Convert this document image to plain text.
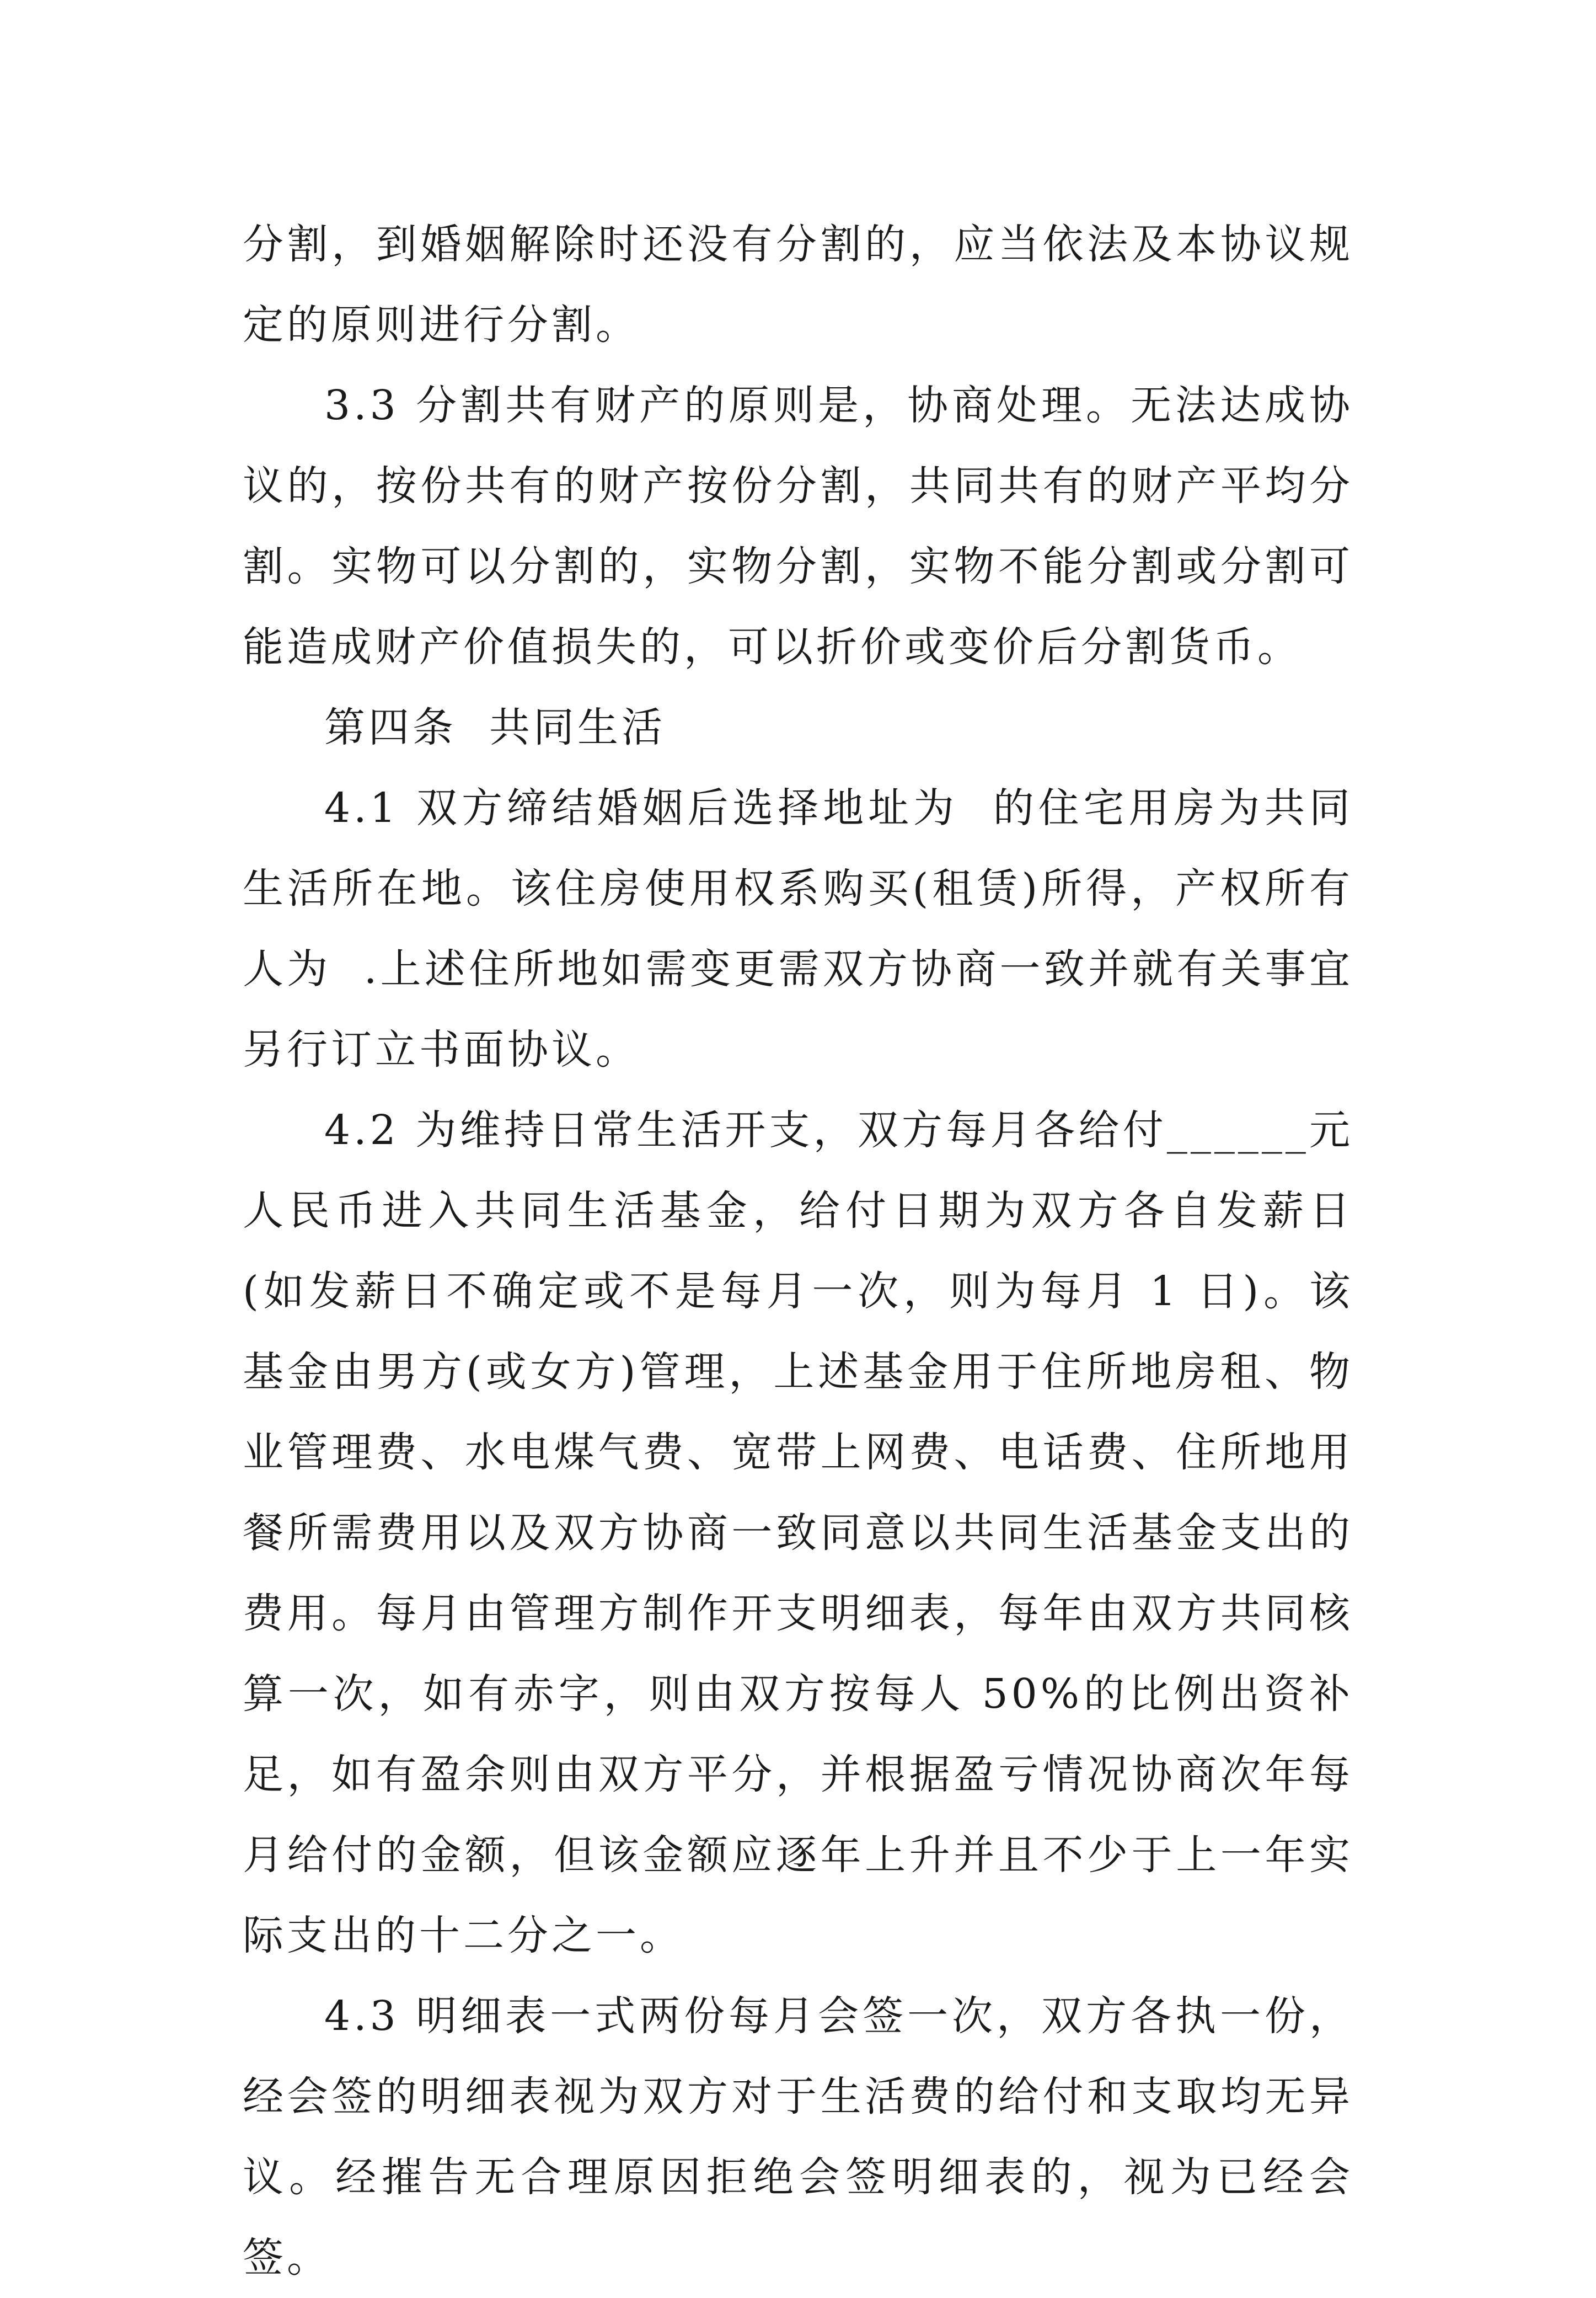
分割，到婚姻解除时还没有分割的，应当依法及本协议规定的原则进行分割。

3.3 分割共有财产的原则是，协商处理。无法达成协议的，按份共有的财产按份分割，共同共有的财产平均分割。实物可以分割的，实物分割，实物不能分割或分割可能造成财产价值损失的，可以折价或变价后分割货币。

第四条  共同生活

4.1 双方缔结婚姻后选择地址为  的住宅用房为共同生活所在地。该住房使用权系购买(租赁)所得，产权所有人为  .上述住所地如需变更需双方协商一致并就有关事宜另行订立书面协议。

4.2 为维持日常生活开支，双方每月各给付______元人民币进入共同生活基金，给付日期为双方各自发薪日(如发薪日不确定或不是每月一次，则为每月 1 日)。该基金由男方(或女方)管理，上述基金用于住所地房租、物业管理费、水电煤气费、宽带上网费、电话费、住所地用餐所需费用以及双方协商一致同意以共同生活基金支出的费用。每月由管理方制作开支明细表，每年由双方共同核算一次，如有赤字，则由双方按每人 50%的比例出资补足，如有盈余则由双方平分，并根据盈亏情况协商次年每月给付的金额，但该金额应逐年上升并且不少于上一年实际支出的十二分之一。

4.3 明细表一式两份每月会签一次，双方各执一份，经会签的明细表视为双方对于生活费的给付和支取均无异议。经摧告无合理原因拒绝会签明细表的，视为已经会签。
